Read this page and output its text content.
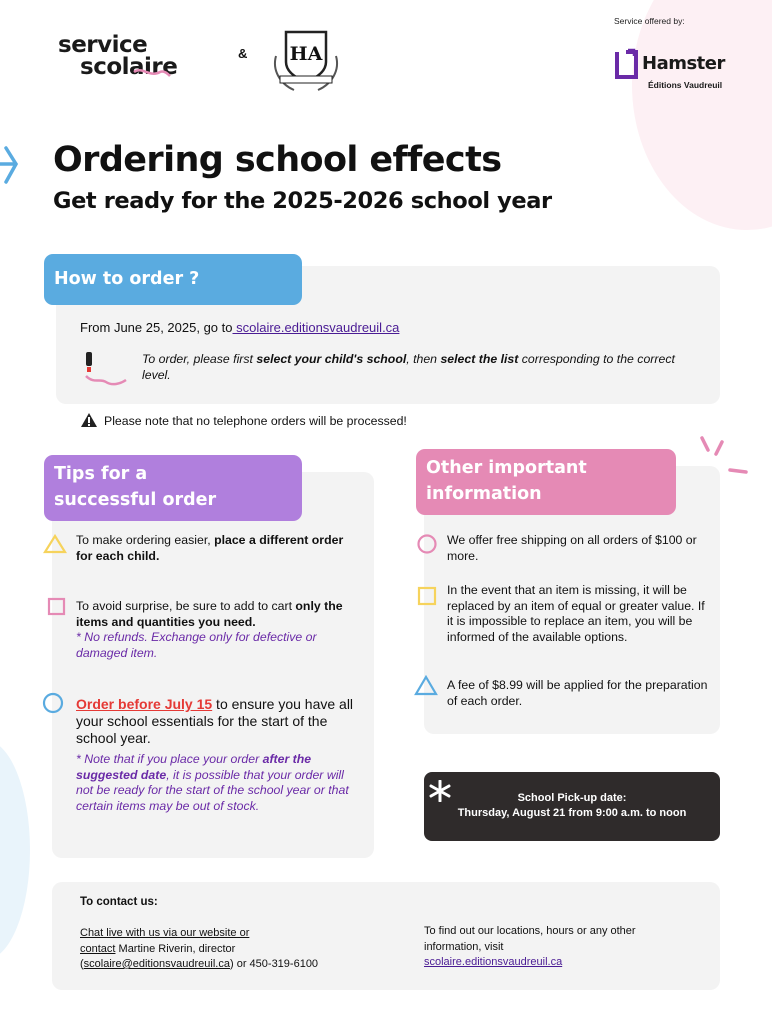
service
scolaire
& HA
Service offered by:
Hamster
Éditions Vaudreuil
Ordering school effects
Get ready for the 2025-2026 school year
How to order ?
From June 25, 2025, go to scolaire.editionsvaudreuil.ca
To order, please first select your child's school, then select the list corresponding to the correct level.
Please note that no telephone orders will be processed!
Tips for a
successful order
To make ordering easier, place a different order for each child.
To avoid surprise, be sure to add to cart only the items and quantities you need.
* No refunds. Exchange only for defective or damaged item.
Order before July 15 to ensure you have all your school essentials for the start of the school year.
* Note that if you place your order after the suggested date, it is possible that your order will not be ready for the start of the school year or that certain items may be out of stock.
Other important
information
We offer free shipping on all orders of $100 or more.
In the event that an item is missing, it will be replaced by an item of equal or greater value. If it is impossible to replace an item, you will be informed of the available options.
A fee of $8.99 will be applied for the preparation of each order.
School Pick-up date:
Thursday, August 21 from 9:00 a.m. to noon
To contact us:
Chat live with us via our website or
contact Martine Riverin, director
(scolaire@editionsvaudreuil.ca) or 450-319-6100
To find out our locations, hours or any other information, visit
scolaire.editionsvaudreuil.ca
